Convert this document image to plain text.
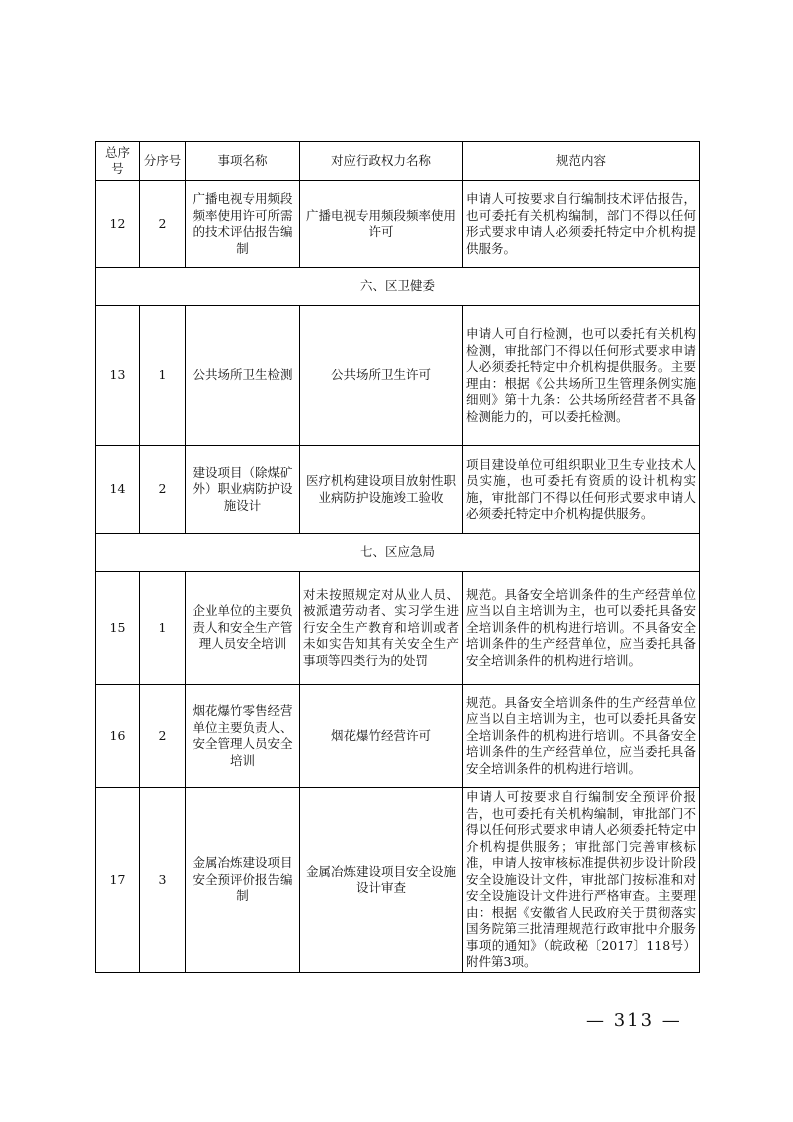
总序号	分序号	事项名称	对应行政权力名称	规范内容
12	2	广播电视专用频段频率使用许可所需的技术评估报告编制	广播电视专用频段频率使用许可	申请人可按要求自行编制技术评估报告，也可委托有关机构编制，部门不得以任何形式要求申请人必须委托特定中介机构提供服务。
六、区卫健委				
13	1	公共场所卫生检测	公共场所卫生许可	申请人可自行检测，也可以委托有关机构检测，审批部门不得以任何形式要求申请人必须委托特定中介机构提供服务。主要理由：根据《公共场所卫生管理条例实施细则》第十九条：公共场所经营者不具备检测能力的，可以委托检测。
14	2	建设项目（除煤矿外）职业病防护设施设计	医疗机构建设项目放射性职业病防护设施竣工验收	项目建设单位可组织职业卫生专业技术人员实施，也可委托有资质的设计机构实施，审批部门不得以任何形式要求申请人必须委托特定中介机构提供服务。
七、区应急局				
15	1	企业单位的主要负责人和安全生产管理人员安全培训	对未按照规定对从业人员、被派遣劳动者、实习学生进行安全生产教育和培训或者未如实告知其有关安全生产事项等四类行为的处罚	规范。具备安全培训条件的生产经营单位应当以自主培训为主，也可以委托具备安全培训条件的机构进行培训。不具备安全培训条件的生产经营单位，应当委托具备安全培训条件的机构进行培训。
16	2	烟花爆竹零售经营单位主要负责人、安全管理人员安全培训	烟花爆竹经营许可	规范。具备安全培训条件的生产经营单位应当以自主培训为主，也可以委托具备安全培训条件的机构进行培训。不具备安全培训条件的生产经营单位，应当委托具备安全培训条件的机构进行培训。
17	3	金属冶炼建设项目安全预评价报告编制	金属冶炼建设项目安全设施设计审查	申请人可按要求自行编制安全预评价报告，也可委托有关机构编制，审批部门不得以任何形式要求申请人必须委托特定中介机构提供服务；审批部门完善审核标准，申请人按审核标准提供初步设计阶段安全设施设计文件，审批部门按标准和对安全设施设计文件进行严格审查。主要理由：根据《安徽省人民政府关于贯彻落实国务院第三批清理规范行政审批中介服务事项的通知》（皖政秘〔2017〕118号）附件第3项。
— 313 —
